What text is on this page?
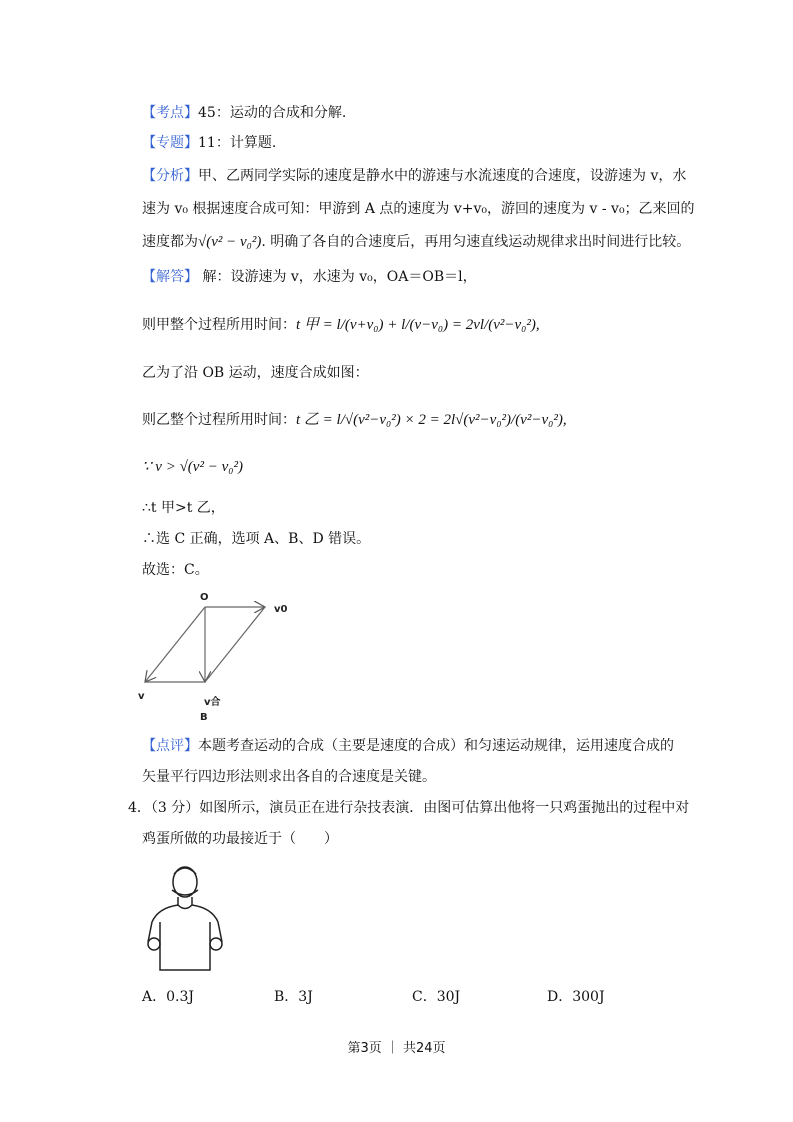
【考点】45：运动的合成和分解.
【专题】11：计算题.
【分析】甲、乙两同学实际的速度是静水中的游速与水流速度的合速度，设游速为 v，水
速为 v₀ 根据速度合成可知：甲游到 A 点的速度为 v+v₀，游回的速度为 v - v₀；乙来回的
速度都为√(v² − v₀²). 明确了各自的合速度后，再用匀速直线运动规律求出时间进行比较。
【解答】 解：设游速为 v，水速为 v₀，OA＝OB＝l，
则甲整个过程所用时间：t 甲 = l/(v+v₀) + l/(v−v₀) = 2vl/(v²−v₀²),
乙为了沿 OB 运动，速度合成如图：
则乙整个过程所用时间：t 乙 = l/√(v²−v₀²) × 2 = 2l√(v²−v₀²)/(v²−v₀²),
∵ v > √(v² − v₀²)
∴t 甲>t 乙，
∴选 C 正确，选项 A、B、D 错误。
故选：C。
O
v0
v
v合
B
【点评】本题考查运动的合成（主要是速度的合成）和匀速运动规律，运用速度合成的
矢量平行四边形法则求出各自的合速度是关键。
4．（3 分）如图所示，演员正在进行杂技表演．由图可估算出他将一只鸡蛋抛出的过程中对
鸡蛋所做的功最接近于（　　）
A．0.3J	B．3J	C．30J	D．300J
第3页 ｜ 共24页
